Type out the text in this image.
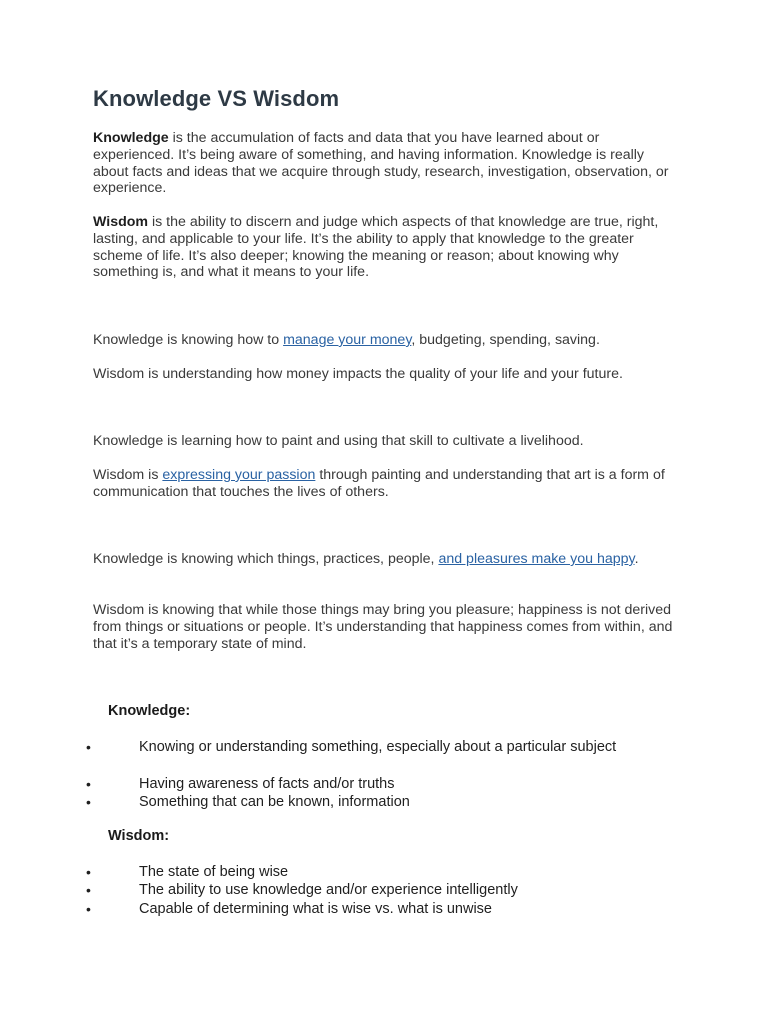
Knowledge VS Wisdom

Knowledge is the accumulation of facts and data that you have learned about or experienced. It’s being aware of something, and having information. Knowledge is really about facts and ideas that we acquire through study, research, investigation, observation, or experience.

Wisdom is the ability to discern and judge which aspects of that knowledge are true, right, lasting, and applicable to your life. It’s the ability to apply that knowledge to the greater scheme of life. It’s also deeper; knowing the meaning or reason; about knowing why something is, and what it means to your life.

Knowledge is knowing how to manage your money, budgeting, spending, saving.

Wisdom is understanding how money impacts the quality of your life and your future.

Knowledge is learning how to paint and using that skill to cultivate a livelihood.

Wisdom is expressing your passion through painting and understanding that art is a form of communication that touches the lives of others.

Knowledge is knowing which things, practices, people, and pleasures make you happy.

Wisdom is knowing that while those things may bring you pleasure; happiness is not derived from things or situations or people. It’s understanding that happiness comes from within, and that it’s a temporary state of mind.

Knowledge:
•	Knowing or understanding something, especially about a particular subject
•	Having awareness of facts and/or truths
•	Something that can be known, information
Wisdom:
•	The state of being wise
•	The ability to use knowledge and/or experience intelligently
•	Capable of determining what is wise vs. what is unwise
